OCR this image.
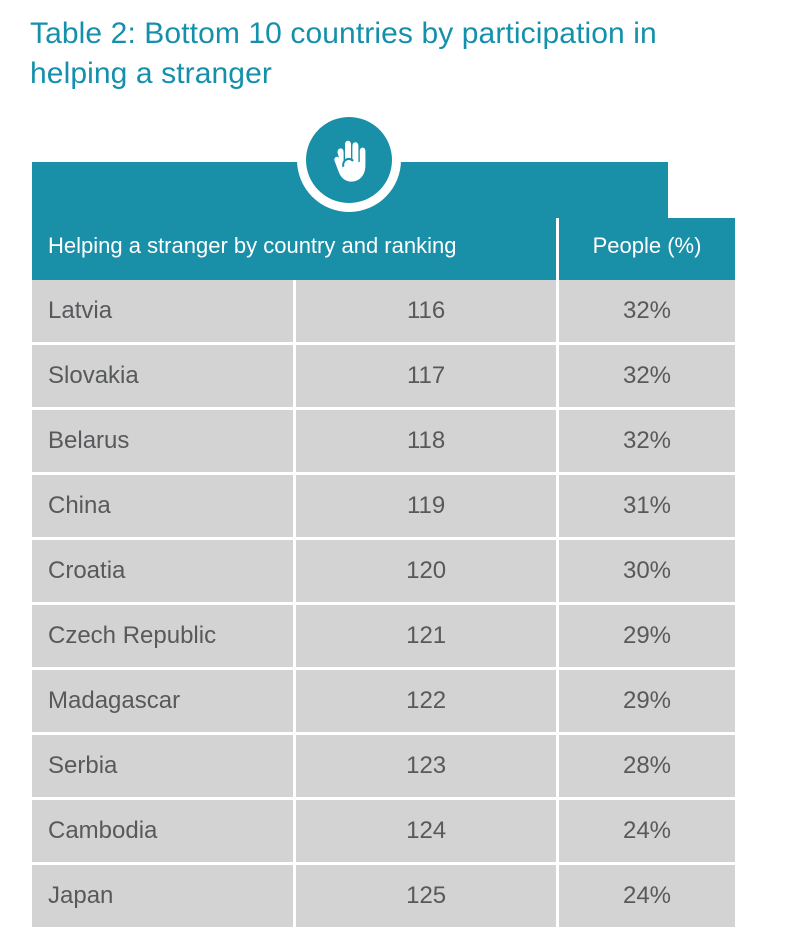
Table 2: Bottom 10 countries by participation in helping a stranger
Helping a stranger by country and ranking		People (%)
Latvia	116	32%
Slovakia	117	32%
Belarus	118	32%
China	119	31%
Croatia	120	30%
Czech Republic	121	29%
Madagascar	122	29%
Serbia	123	28%
Cambodia	124	24%
Japan	125	24%
